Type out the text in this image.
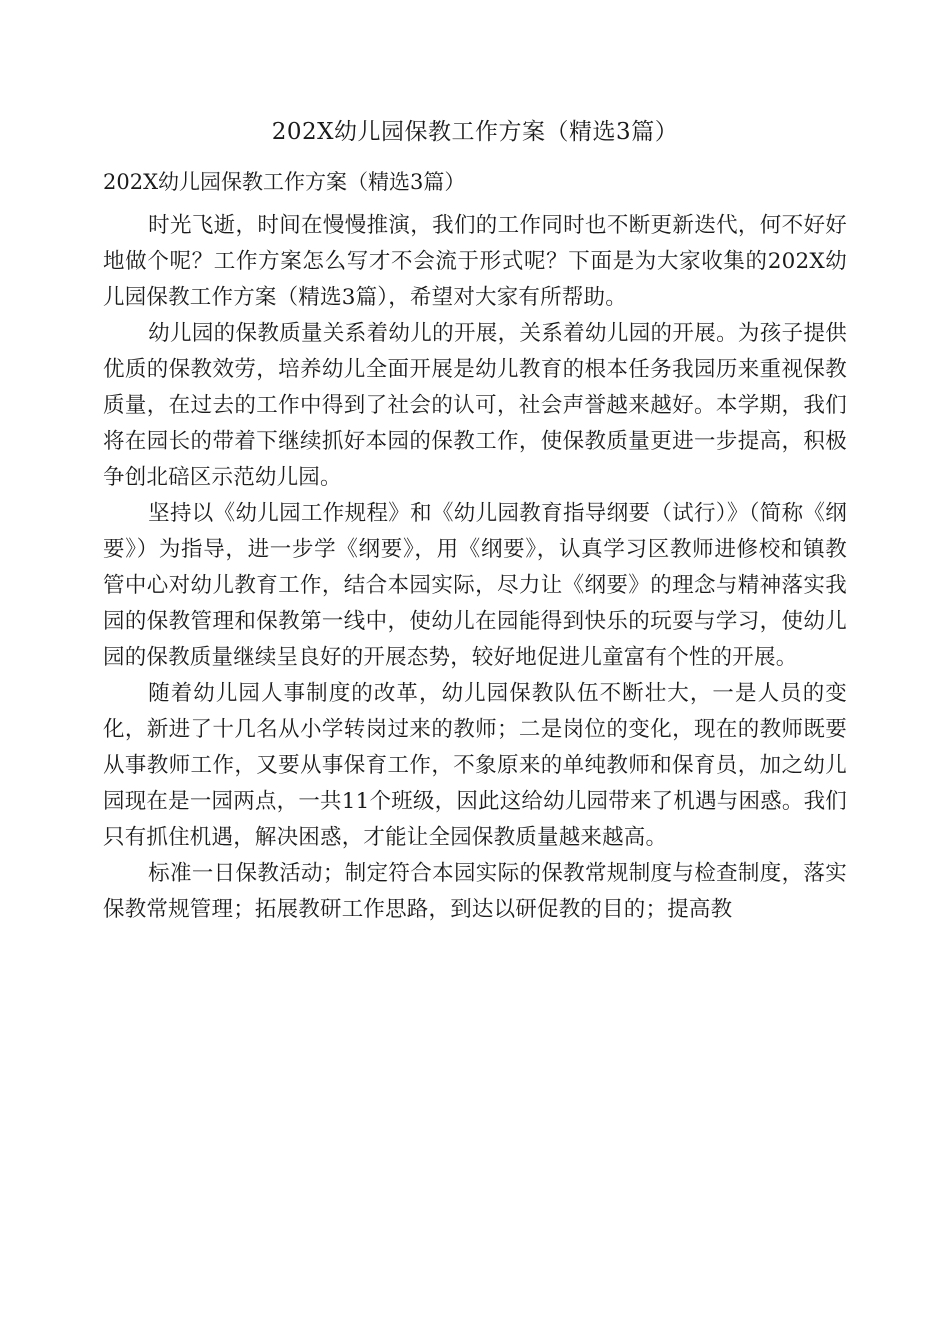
202X幼儿园保教工作方案（精选3篇）
202X幼儿园保教工作方案（精选3篇）

时光飞逝，时间在慢慢推演，我们的工作同时也不断更新迭代，何不好好地做个呢？工作方案怎么写才不会流于形式呢？下面是为大家收集的202X幼儿园保教工作方案（精选3篇），希望对大家有所帮助。

幼儿园的保教质量关系着幼儿的开展，关系着幼儿园的开展。为孩子提供优质的保教效劳，培养幼儿全面开展是幼儿教育的根本任务我园历来重视保教质量，在过去的工作中得到了社会的认可，社会声誉越来越好。本学期，我们将在园长的带着下继续抓好本园的保教工作，使保教质量更进一步提高，积极争创北碚区示范幼儿园。

坚持以《幼儿园工作规程》和《幼儿园教育指导纲要（试行）》（简称《纲要》）为指导，进一步学《纲要》，用《纲要》，认真学习区教师进修校和镇教管中心对幼儿教育工作，结合本园实际，尽力让《纲要》的理念与精神落实我园的保教管理和保教第一线中，使幼儿在园能得到快乐的玩耍与学习，使幼儿园的保教质量继续呈良好的开展态势，较好地促进儿童富有个性的开展。

随着幼儿园人事制度的改革，幼儿园保教队伍不断壮大，一是人员的变化，新进了十几名从小学转岗过来的教师；二是岗位的变化，现在的教师既要从事教师工作，又要从事保育工作，不象原来的单纯教师和保育员，加之幼儿园现在是一园两点，一共11个班级，因此这给幼儿园带来了机遇与困惑。我们只有抓住机遇，解决困惑，才能让全园保教质量越来越高。

标准一日保教活动；制定符合本园实际的保教常规制度与检查制度，落实保教常规管理；拓展教研工作思路，到达以研促教的目的；提高教
